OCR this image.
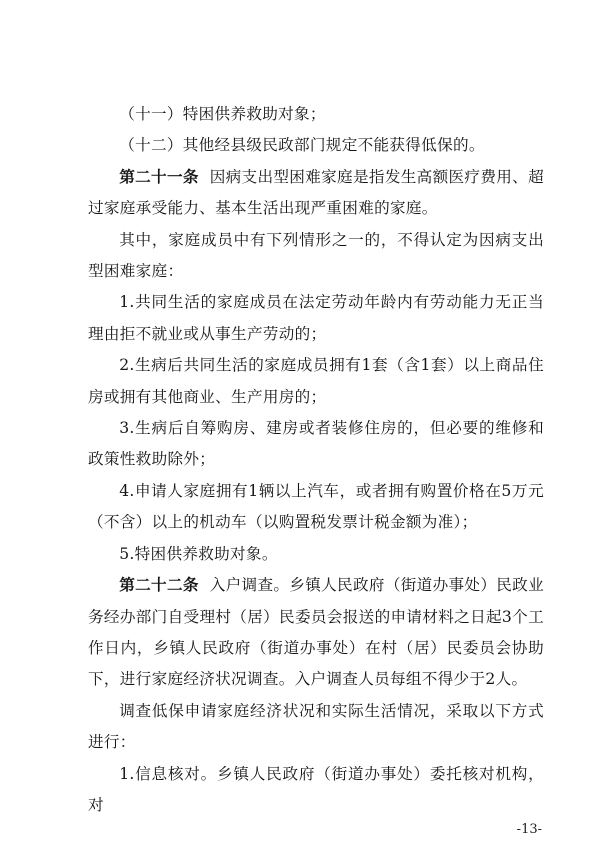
（十一）特困供养救助对象；

（十二）其他经县级民政部门规定不能获得低保的。

第二十一条 因病支出型困难家庭是指发生高额医疗费用、超过家庭承受能力、基本生活出现严重困难的家庭。

其中，家庭成员中有下列情形之一的，不得认定为因病支出型困难家庭：

1.共同生活的家庭成员在法定劳动年龄内有劳动能力无正当理由拒不就业或从事生产劳动的；

2.生病后共同生活的家庭成员拥有1套（含1套）以上商品住房或拥有其他商业、生产用房的；

3.生病后自筹购房、建房或者装修住房的，但必要的维修和政策性救助除外；

4.申请人家庭拥有1辆以上汽车，或者拥有购置价格在5万元（不含）以上的机动车（以购置税发票计税金额为准）；

5.特困供养救助对象。

第二十二条 入户调查。乡镇人民政府（街道办事处）民政业务经办部门自受理村（居）民委员会报送的申请材料之日起3个工作日内，乡镇人民政府（街道办事处）在村（居）民委员会协助下，进行家庭经济状况调查。入户调查人员每组不得少于2人。

调查低保申请家庭经济状况和实际生活情况，采取以下方式进行：

1.信息核对。乡镇人民政府（街道办事处）委托核对机构，对

-13-
